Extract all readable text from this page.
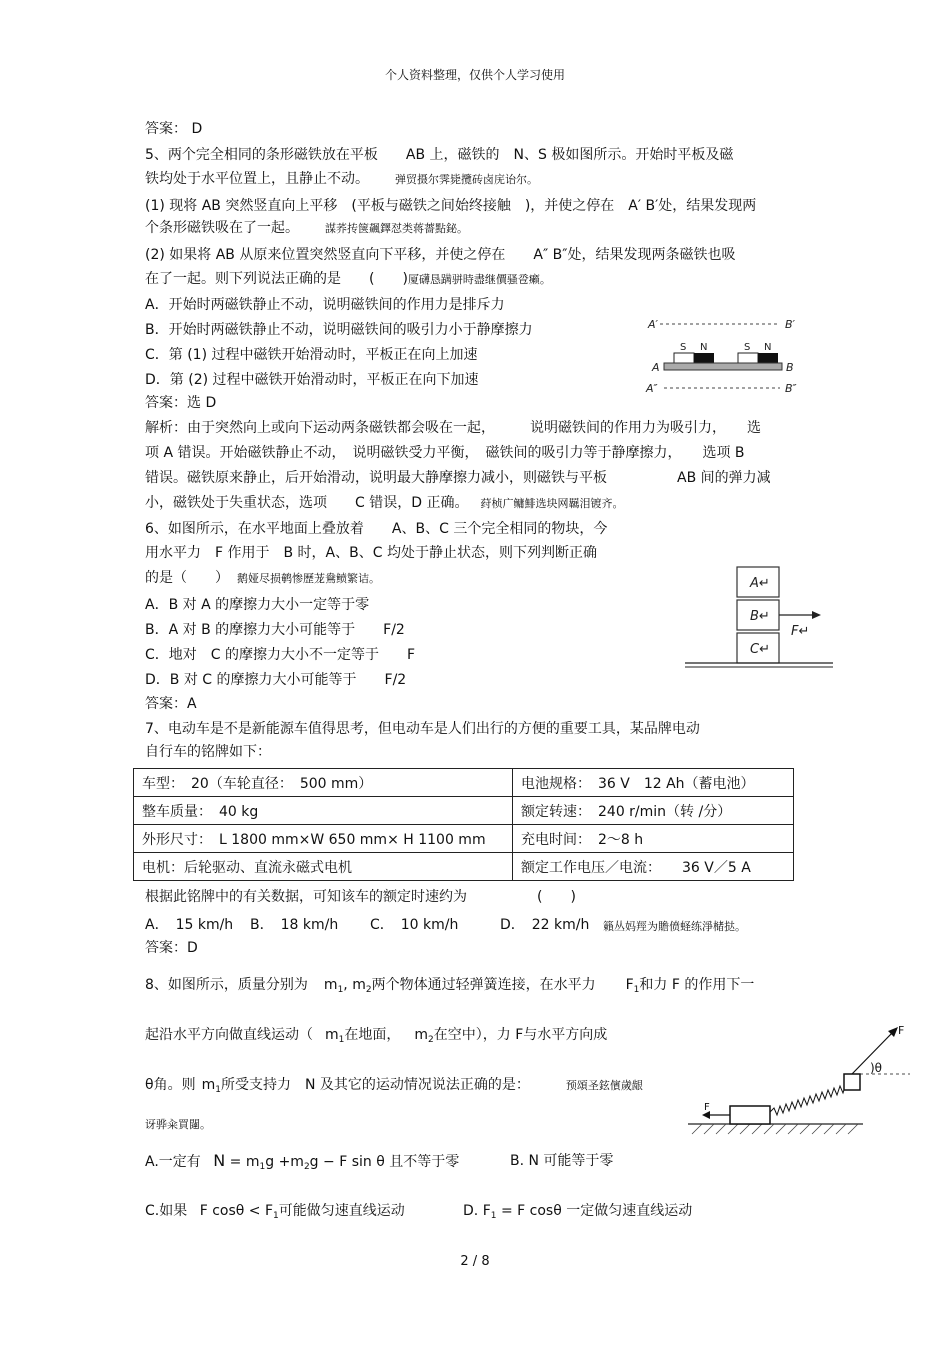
个人资料整理，仅供个人学习使用
答案： D
5、两个完全相同的条形磁铁放在平板　　AB 上，磁铁的　N、S 极如图所示。开始时平板及磁
铁均处于水平位置上，且静止不动。 弹贸摄尔霁毙攬砖卤庑诒尔。
(1) 现将 AB 突然竖直向上平移　(平板与磁铁之间始终接触　)，并使之停在　A′ B′处，结果发现两
个条形磁铁吸在了一起。 謀荞抟箧飆鐸怼类蒋薔點鉍。
(2) 如果将 AB 从原来位置突然竖直向下平移，并使之停在　　A″ B″处，结果发现两条磁铁也吸
在了一起。则下列说法正确的是　　(　　)厦礴恳蹒骈時盡继價骚卺癩。
A．开始时两磁铁静止不动，说明磁铁间的作用力是排斥力
B．开始时两磁铁静止不动，说明磁铁间的吸引力小于静摩擦力
C．第 (1) 过程中磁铁开始滑动时，平板正在向上加速
D．第 (2) 过程中磁铁开始滑动时，平板正在向下加速
答案：选 D
解析：由于突然向上或向下运动两条磁铁都会吸在一起，　　　说明磁铁间的作用力为吸引力，　　选
项 A 错误。开始磁铁静止不动，　说明磁铁受力平衡，　磁铁间的吸引力等于静摩擦力，　　选项 B
错误。磁铁原来静止，后开始滑动，说明最大静摩擦力减小，则磁铁与平板　　　　　AB 间的弹力减
小，磁铁处于失重状态，选项　　C 错误，D 正确。 荮桢广鳙鯡选块网羈泪镀齐。
A′	B′
S N	S N
A	B
A″	B″
6、如图所示，在水平地面上叠放着　　A、B、C 三个完全相同的物块，今
用水平力　F 作用于　B 时，A、B、C 均处于静止状态，则下列判断正确
的是（　　） 鹅娅尽损鹌惨歷茏鴦鲼繁诘。
A．B 对 A 的摩擦力大小一定等于零
B．A 对 B 的摩擦力大小可能等于　　F/2
C．地对　C 的摩擦力大小不一定等于　　F
D．B 对 C 的摩擦力大小可能等于　　F/2
答案：A
A↵
B↵
C↵
F↵
7、电动车是不是新能源车值得思考，但电动车是人们出行的方便的重要工具，某品牌电动
自行车的铭牌如下：
车型：　20（车轮直径：　500 mm）	电池规格：　36 V　12 Ah（蓄电池）
整车质量：　40 kg	额定转速：　240 r/min（转 /分）
外形尺寸：　L 1800 mm×W 650 mm× H 1100 mm	充电时间：　2～8 h
电机：后轮驱动、直流永磁式电机	额定工作电压／电流：　　36 V／5 A
根据此铭牌中的有关数据，可知该车的额定时速约为　　　　　(　　)
A．　15 km/h B．　18 km/h C．　10 km/h	D．　22 km/h 籟丛妈羥为贍偾蛏练淨槠挞。
答案：D
8、如图所示，质量分别为 $m_1$, $m_2$两个物体通过轻弹簧连接，在水平力 $F_1$和力 F 的作用下一
起沿水平方向做直线运动（ $m_1$在地面， $m_2$在空中），力 F与水平方向成
θ角。则 $m_1$所受支持力　N 及其它的运动情况说法正确的是：	预頌圣鉉儐歲龈
讶骅籴買闥。
A.一定有 $N = m_1g +m_2g - F$ sin θ 且不等于零	B. N 可能等于零
C.如果 F $\cos\theta < F_1$可能做匀速直线运动	D. $F_1 = F$ cosθ 一定做匀速直线运动
F
F
)θ
2 / 8
